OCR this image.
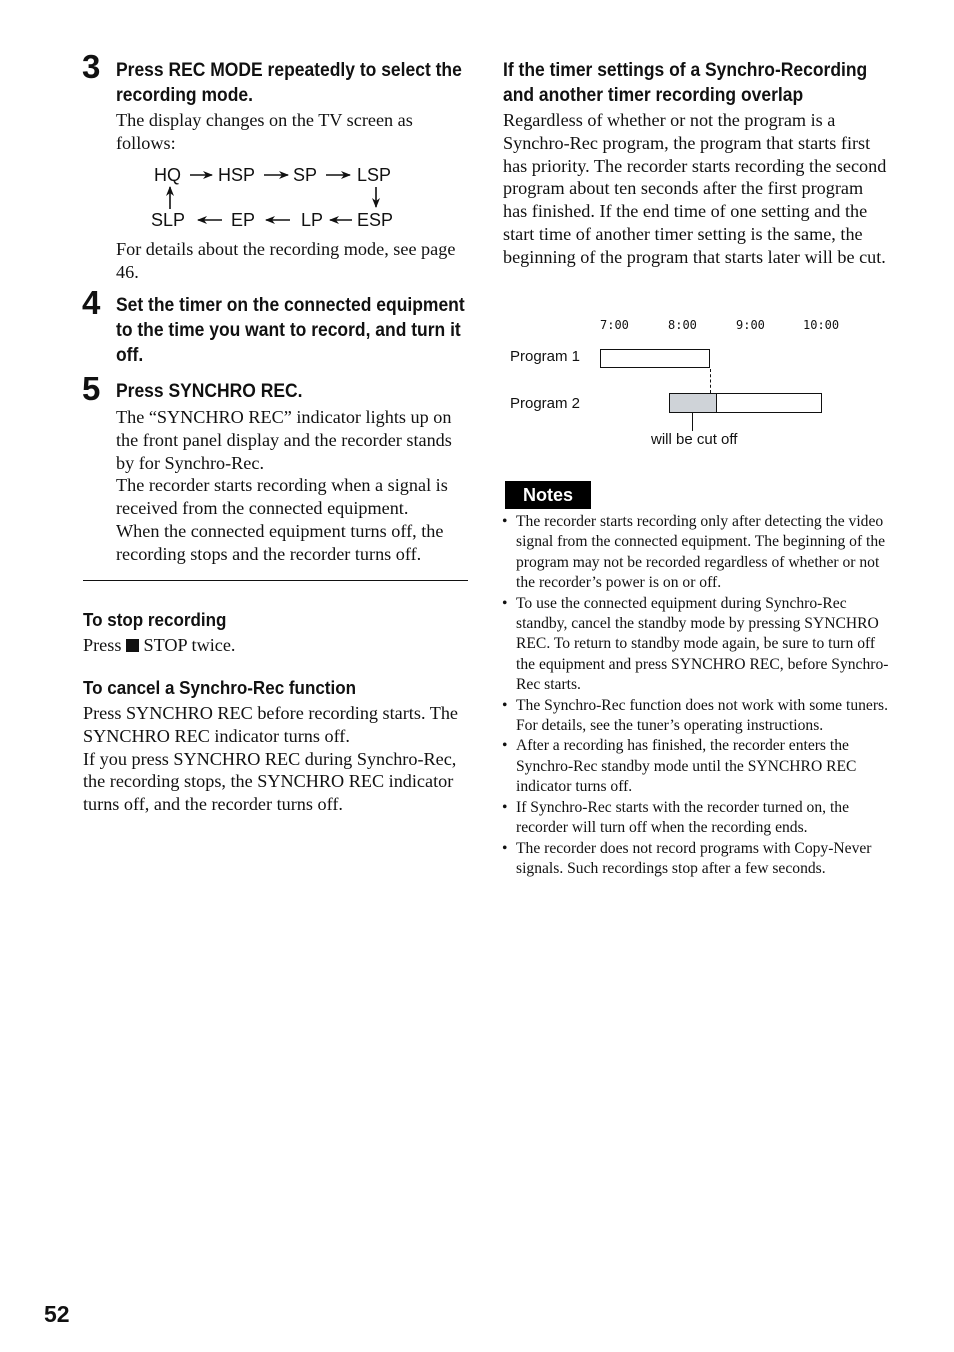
3 Press REC MODE repeatedly to select the
recording mode.
The display changes on the TV screen as follows:
HQ HSP SP LSP
SLP	EP	LP ESP
For details about the recording mode, see page 46.
4 Set the timer on the connected equipment
to the time you want to record, and turn it
off.
5 Press SYNCHRO REC.

The “SYNCHRO REC” indicator lights up on the front panel display and the recorder stands by for Synchro-Rec.

The recorder starts recording when a signal is received from the connected equipment.

When the connected equipment turns off, the recording stops and the recorder turns off.

To stop recording
Press  STOP twice.
To cancel a Synchro-Rec function

Press SYNCHRO REC before recording starts. The SYNCHRO REC indicator turns off.

If you press SYNCHRO REC during Synchro-Rec, the recording stops, the SYNCHRO REC indicator turns off, and the recorder turns off.

If the timer settings of a Synchro-Recording
and another timer recording overlap
Regardless of whether or not the program is a Synchro-Rec program, the program that starts first has priority. The recorder starts recording the second program about ten seconds after the first program has finished. If the end time of one setting and the start time of another timer setting is the same, the beginning of the program that starts later will be cut.
7:00	8:00	9:00	10:00
Program 1
Program 2
will be cut off
Notes
• The recorder starts recording only after detecting the video signal from the connected equipment. The beginning of the program may not be recorded regardless of whether or not the recorder’s power is on or off.
• To use the connected equipment during Synchro-Rec standby, cancel the standby mode by pressing SYNCHRO REC. To return to standby mode again, be sure to turn off the equipment and press SYNCHRO REC, before Synchro-Rec starts.
• The Synchro-Rec function does not work with some tuners. For details, see the tuner’s operating instructions.
• After a recording has finished, the recorder enters the Synchro-Rec standby mode until the SYNCHRO REC indicator turns off.
• If Synchro-Rec starts with the recorder turned on, the recorder will turn off when the recording ends.
• The recorder does not record programs with Copy-Never signals. Such recordings stop after a few seconds.
52
